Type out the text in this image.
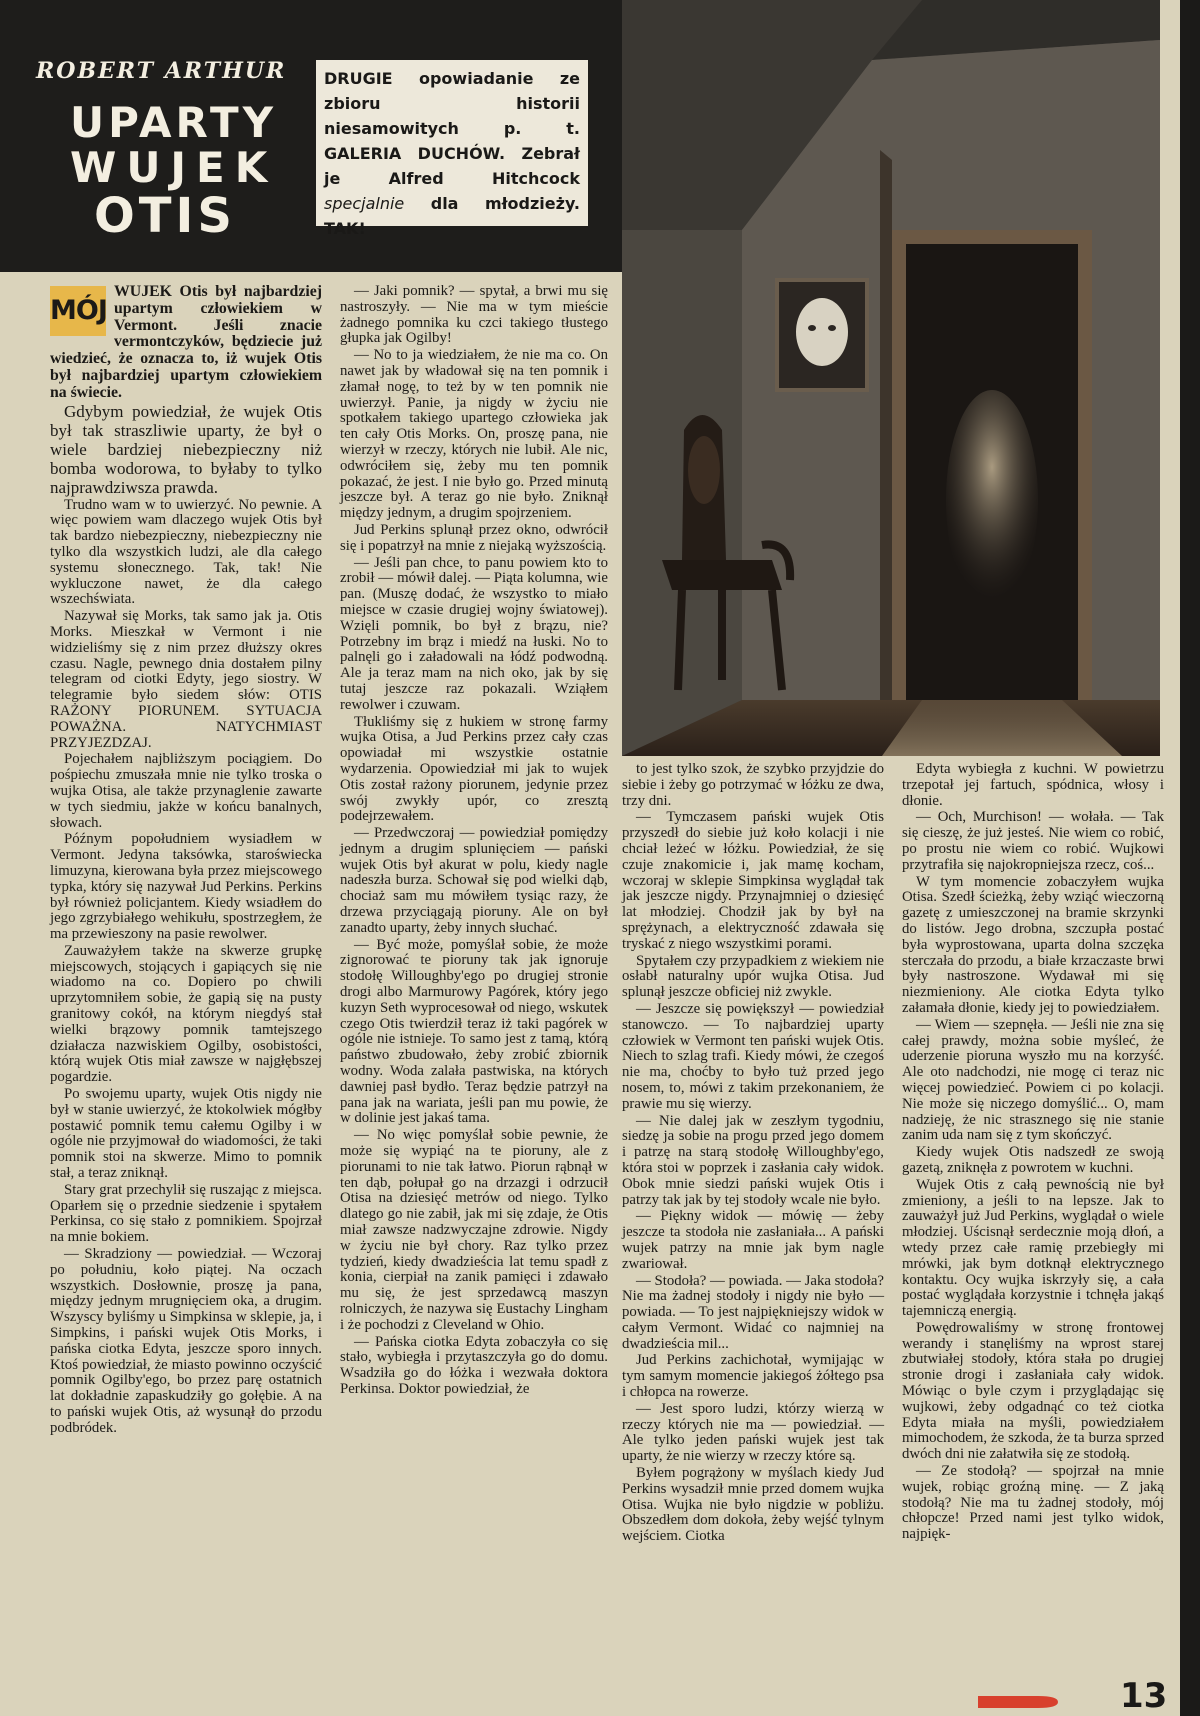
ROBERT ARTHUR
UPARTY
WUJEK
OTIS
DRUGIE opowiadanie ze zbioru historii niesamowitych p. t. GALERIA DUCHÓW. Zebrał je Alfred Hitchcock specjalnie dla młodzieży. TAK!
MÓJ
WUJEK Otis był najbardziej upartym człowiekiem w Vermont. Jeśli znacie vermontczyków, będziecie już wiedzieć, że oznacza to, iż wujek Otis był najbardziej upartym człowiekiem na świecie.

Gdybym powiedział, że wujek Otis był tak straszliwie uparty, że był o wiele bardziej niebezpieczny niż bomba wodorowa, to byłaby to tylko najprawdziwsza prawda.

Trudno wam w to uwierzyć. No pewnie. A więc powiem wam dlaczego wujek Otis był tak bardzo niebezpieczny, niebezpieczny nie tylko dla wszystkich ludzi, ale dla całego systemu słonecznego. Tak, tak! Nie wykluczone nawet, że dla całego wszechświata.

Nazywał się Morks, tak samo jak ja. Otis Morks. Mieszkał w Vermont i nie widzieliśmy się z nim przez dłuższy okres czasu. Nagle, pewnego dnia dostałem pilny telegram od ciotki Edyty, jego siostry. W telegramie było siedem słów: OTIS RAŻONY PIORUNEM. SYTUACJA POWAŻNA. NATYCHMIAST PRZYJEZDZAJ.

Pojechałem najbliższym pociągiem. Do pośpiechu zmuszała mnie nie tylko troska o wujka Otisa, ale także przynaglenie zawarte w tych siedmiu, jakże w końcu banalnych, słowach.

Późnym popołudniem wysiadłem w Vermont. Jedyna taksówka, staroświecka limuzyna, kierowana była przez miejscowego typka, który się nazywał Jud Perkins. Perkins był również policjantem. Kiedy wsiadłem do jego zgrzybiałego wehikułu, spostrzegłem, że ma przewieszony na pasie rewolwer.

Zauważyłem także na skwerze grupkę miejscowych, stojących i gapiących się nie wiadomo na co. Dopiero po chwili uprzytomniłem sobie, że gapią się na pusty granitowy cokół, na którym niegdyś stał wielki brązowy pomnik tamtejszego działacza nazwiskiem Ogilby, osobistości, którą wujek Otis miał zawsze w najgłębszej pogardzie.

Po swojemu uparty, wujek Otis nigdy nie był w stanie uwierzyć, że ktokolwiek mógłby postawić pomnik temu całemu Ogilby i w ogóle nie przyjmował do wiadomości, że taki pomnik stoi na skwerze. Mimo to pomnik stał, a teraz zniknął.

Stary grat przechylił się ruszając z miejsca. Oparłem się o przednie siedzenie i spytałem Perkinsa, co się stało z pomnikiem. Spojrzał na mnie bokiem.

— Skradziony — powiedział. — Wczoraj po południu, koło piątej. Na oczach wszystkich. Dosłownie, proszę ja pana, między jednym mrugnięciem oka, a drugim. Wszyscy byliśmy u Simpkinsa w sklepie, ja, i Simpkins, i pański wujek Otis Morks, i pańska ciotka Edyta, jeszcze sporo innych. Ktoś powiedział, że miasto powinno oczyścić pomnik Ogilby'ego, bo przez parę ostatnich lat dokładnie zapaskudziły go gołębie. A na to pański wujek Otis, aż wysunął do przodu podbródek.

— Jaki pomnik? — spytał, a brwi mu się nastroszyły. — Nie ma w tym mieście żadnego pomnika ku czci takiego tłustego głupka jak Ogilby!

— No to ja wiedziałem, że nie ma co. On nawet jak by władował się na ten pomnik i złamał nogę, to też by w ten pomnik nie uwierzył. Panie, ja nigdy w życiu nie spotkałem takiego upartego człowieka jak ten cały Otis Morks. On, proszę pana, nie wierzył w rzeczy, których nie lubił. Ale nic, odwróciłem się, żeby mu ten pomnik pokazać, że jest. I nie było go. Przed minutą jeszcze był. A teraz go nie było. Zniknął między jednym, a drugim spojrzeniem.

Jud Perkins splunął przez okno, odwrócił się i popatrzył na mnie z niejaką wyższością.

— Jeśli pan chce, to panu powiem kto to zrobił — mówił dalej. — Piąta kolumna, wie pan. (Muszę dodać, że wszystko to miało miejsce w czasie drugiej wojny światowej). Wzięli pomnik, bo był z brązu, nie? Potrzebny im brąz i miedź na łuski. No to palnęli go i załadowali na łódź podwodną. Ale ja teraz mam na nich oko, jak by się tutaj jeszcze raz pokazali. Wziąłem rewolwer i czuwam.

Tłukliśmy się z hukiem w stronę farmy wujka Otisa, a Jud Perkins przez cały czas opowiadał mi wszystkie ostatnie wydarzenia. Opowiedział mi jak to wujek Otis został rażony piorunem, jedynie przez swój zwykły upór, co zresztą podejrzewałem.

— Przedwczoraj — powiedział pomiędzy jednym a drugim splunięciem — pański wujek Otis był akurat w polu, kiedy nagle nadeszła burza. Schował się pod wielki dąb, chociaż sam mu mówiłem tysiąc razy, że drzewa przyciągają pioruny. Ale on był zanadto uparty, żeby innych słuchać.

— Być może, pomyślał sobie, że może zignorować te pioruny tak jak ignoruje stodołę Willoughby'ego po drugiej stronie drogi albo Marmurowy Pagórek, który jego kuzyn Seth wyprocesował od niego, wskutek czego Otis twierdził teraz iż taki pagórek w ogóle nie istnieje. To samo jest z tamą, którą państwo zbudowało, żeby zrobić zbiornik wodny. Woda zalała pastwiska, na których dawniej pasł bydło. Teraz będzie patrzył na pana jak na wariata, jeśli pan mu powie, że w dolinie jest jakaś tama.

— No więc pomyślał sobie pewnie, że może się wypiąć na te pioruny, ale z piorunami to nie tak łatwo. Piorun rąbnął w ten dąb, połupał go na drzazgi i odrzucił Otisa na dziesięć metrów od niego. Tylko dlatego go nie zabił, jak mi się zdaje, że Otis miał zawsze nadzwyczajne zdrowie. Nigdy w życiu nie był chory. Raz tylko przez tydzień, kiedy dwadzieścia lat temu spadł z konia, cierpiał na zanik pamięci i zdawało mu się, że jest sprzedawcą maszyn rolniczych, że nazywa się Eustachy Lingham i że pochodzi z Cleveland w Ohio.

— Pańska ciotka Edyta zobaczyła co się stało, wybiegła i przytaszczyła go do domu. Wsadziła go do łóżka i wezwała doktora Perkinsa. Doktor powiedział, że

to jest tylko szok, że szybko przyjdzie do siebie i żeby go potrzymać w łóżku ze dwa, trzy dni.

— Tymczasem pański wujek Otis przyszedł do siebie już koło kolacji i nie chciał leżeć w łóżku. Powiedział, że się czuje znakomicie i, jak mamę kocham, wczoraj w sklepie Simpkinsa wyglądał tak jak jeszcze nigdy. Przynajmniej o dziesięć lat młodziej. Chodził jak by był na sprężynach, a elektryczność zdawała się tryskać z niego wszystkimi porami.

Spytałem czy przypadkiem z wiekiem nie osłabł naturalny upór wujka Otisa. Jud splunął jeszcze obficiej niż zwykle.

— Jeszcze się powiększył — powiedział stanowczo. — To najbardziej uparty człowiek w Vermont ten pański wujek Otis. Niech to szlag trafi. Kiedy mówi, że czegoś nie ma, choćby to było tuż przed jego nosem, to, mówi z takim przekonaniem, że prawie mu się wierzy.

— Nie dalej jak w zeszłym tygodniu, siedzę ja sobie na progu przed jego domem i patrzę na starą stodołę Willoughby'ego, która stoi w poprzek i zasłania cały widok. Obok mnie siedzi pański wujek Otis i patrzy tak jak by tej stodoły wcale nie było.

— Piękny widok — mówię — żeby jeszcze ta stodoła nie zasłaniała... A pański wujek patrzy na mnie jak bym nagle zwariował.

— Stodoła? — powiada. — Jaka stodoła? Nie ma żadnej stodoły i nigdy nie było — powiada. — To jest najpiękniejszy widok w całym Vermont. Widać co najmniej na dwadzieścia mil...

Jud Perkins zachichotał, wymijając w tym samym momencie jakiegoś żółtego psa i chłopca na rowerze.

— Jest sporo ludzi, którzy wierzą w rzeczy których nie ma — powiedział. — Ale tylko jeden pański wujek jest tak uparty, że nie wierzy w rzeczy które są.

Byłem pogrążony w myślach kiedy Jud Perkins wysadził mnie przed domem wujka Otisa. Wujka nie było nigdzie w pobliżu. Obszedłem dom dokoła, żeby wejść tylnym wejściem. Ciotka

Edyta wybiegła z kuchni. W powietrzu trzepotał jej fartuch, spódnica, włosy i dłonie.

— Och, Murchison! — wołała. — Tak się cieszę, że już jesteś. Nie wiem co robić, po prostu nie wiem co robić. Wujkowi przytrafiła się najokropniejsza rzecz, coś...

W tym momencie zobaczyłem wujka Otisa. Szedł ścieżką, żeby wziąć wieczorną gazetę z umieszczonej na bramie skrzynki do listów. Jego drobna, szczupła postać była wyprostowana, uparta dolna szczęka sterczała do przodu, a białe krzaczaste brwi były nastroszone. Wydawał mi się niezmieniony. Ale ciotka Edyta tylko załamała dłonie, kiedy jej to powiedziałem.

— Wiem — szepnęła. — Jeśli nie zna się całej prawdy, można sobie myśleć, że uderzenie pioruna wyszło mu na korzyść. Ale oto nadchodzi, nie mogę ci teraz nic więcej powiedzieć. Powiem ci po kolacji. Nie może się niczego domyślić... O, mam nadzieję, że nic strasznego się nie stanie zanim uda nam się z tym skończyć.

Kiedy wujek Otis nadszedł ze swoją gazetą, zniknęła z powrotem w kuchni.

Wujek Otis z całą pewnością nie był zmieniony, a jeśli to na lepsze. Jak to zauważył już Jud Perkins, wyglądał o wiele młodziej. Uścisnął serdecznie moją dłoń, a wtedy przez całe ramię przebiegły mi mrówki, jak bym dotknął elektrycznego kontaktu. Ocy wujka iskrzyły się, a cała postać wyglądała korzystnie i tchnęła jakąś tajemniczą energią.

Powędrowaliśmy w stronę frontowej werandy i stanęliśmy na wprost starej zbutwiałej stodoły, która stała po drugiej stronie drogi i zasłaniała cały widok. Mówiąc o byle czym i przyglądając się wujkowi, żeby odgadnąć co też ciotka Edyta miała na myśli, powiedziałem mimochodem, że szkoda, że ta burza sprzed dwóch dni nie załatwiła się ze stodołą.

— Ze stodołą? — spojrzał na mnie wujek, robiąc groźną minę. — Z jaką stodołą? Nie ma tu żadnej stodoły, mój chłopcze! Przed nami jest tylko widok, najpięk-

13
